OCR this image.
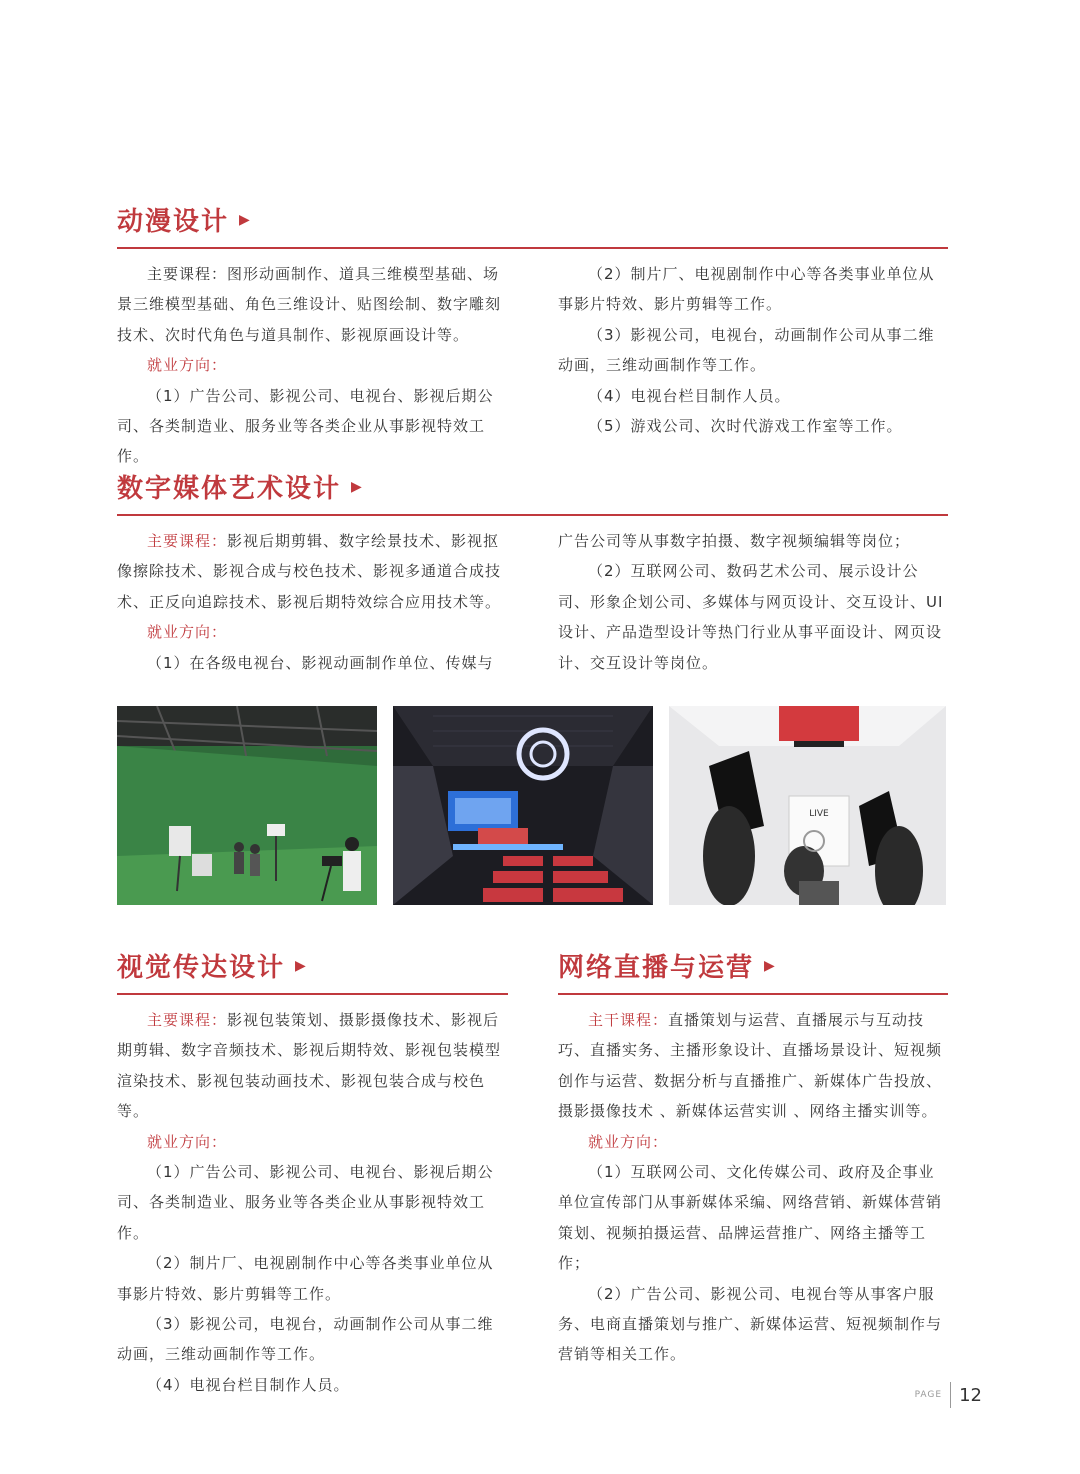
动漫设计 ▶

主要课程：图形动画制作、道具三维模型基础、场景三维模型基础、角色三维设计、贴图绘制、数字雕刻技术、次时代角色与道具制作、影视原画设计等。

就业方向：

（1）广告公司、影视公司、电视台、影视后期公司、各类制造业、服务业等各类企业从事影视特效工作。

（2）制片厂、电视剧制作中心等各类事业单位从事影片特效、影片剪辑等工作。

（3）影视公司，电视台，动画制作公司从事二维动画，三维动画制作等工作。

（4）电视台栏目制作人员。

（5）游戏公司、次时代游戏工作室等工作。

数字媒体艺术设计 ▶

主要课程：影视后期剪辑、数字绘景技术、影视抠像擦除技术、影视合成与校色技术、影视多通道合成技术、正反向追踪技术、影视后期特效综合应用技术等。

就业方向：

（1）在各级电视台、影视动画制作单位、传媒与

广告公司等从事数字拍摄、数字视频编辑等岗位；

（2）互联网公司、数码艺术公司、展示设计公司、形象企划公司、多媒体与网页设计、交互设计、UI 设计、产品造型设计等热门行业从事平面设计、网页设计、交互设计等岗位。

LIVE
视觉传达设计 ▶

主要课程：影视包装策划、摄影摄像技术、影视后期剪辑、数字音频技术、影视后期特效、影视包装模型渲染技术、影视包装动画技术、影视包装合成与校色等。

就业方向：

（1）广告公司、影视公司、电视台、影视后期公司、各类制造业、服务业等各类企业从事影视特效工作。

（2）制片厂、电视剧制作中心等各类事业单位从事影片特效、影片剪辑等工作。

（3）影视公司，电视台，动画制作公司从事二维动画，三维动画制作等工作。

（4）电视台栏目制作人员。

网络直播与运营 ▶

主干课程：直播策划与运营、直播展示与互动技巧、直播实务、主播形象设计、直播场景设计、短视频创作与运营、数据分析与直播推广、新媒体广告投放、摄影摄像技术 、新媒体运营实训 、网络主播实训等。

就业方向：

（1）互联网公司、文化传媒公司、政府及企事业单位宣传部门从事新媒体采编、网络营销、新媒体营销策划、视频拍摄运营、品牌运营推广、网络主播等工作；

（2）广告公司、影视公司、电视台等从事客户服务、电商直播策划与推广、新媒体运营、短视频制作与营销等相关工作。

PAGE 12
